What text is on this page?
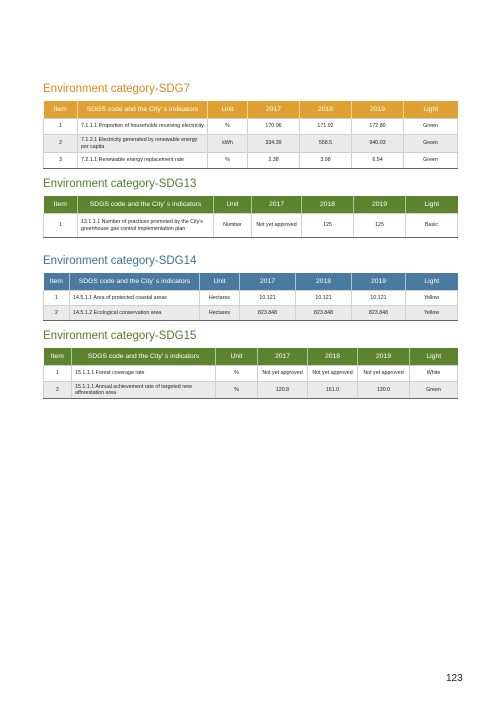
Environment category-SDG7
Item	SDGS code and the City’ s indicators	Unit	2017	2018	2019	Light
1	7.1.1.1 Proportion of households receiving electricity	%	170.96	171.92	172.80	Green
2	7.1.2.1 Electricity generated by renewable energy per capita	kWh	334.39	558.5	940.03	Green
3	7.2.1.1 Renewable energy replacement rate	%	2.38	3.98	6.54	Green
Environment category-SDG13
Item	SDGS code and the City’ s indicators	Unit	2017	2018	2019	Light
1	13.1.1.1 Number of practices promoted by the City's greenhouse gas control implementation plan	Number	Not yet approved	125	125	Basic
Environment category-SDG14
Item	SDGS code and the City’ s indicators	Unit	2017	2018	2019	Light
1	14.5.1.1 Area of protected coastal areas	Hectares	10,121	10,121	10,121	Yellow
2	14.5.1.2 Ecological conservation area	Hectares	823.848	823.848	823.848	Yellow
Environment category-SDG15
Item	SDGS code and the City’ s indicators	Unit	2017	2018	2019	Light
1	15.1.1.1 Forest coverage rate	%	Not yet approved	Not yet approved	Not yet approved	White
2	15.1.1.1 Annual achievement rate of targeted new afforestation area	%	120.8	161.0	130.0	Green
123
